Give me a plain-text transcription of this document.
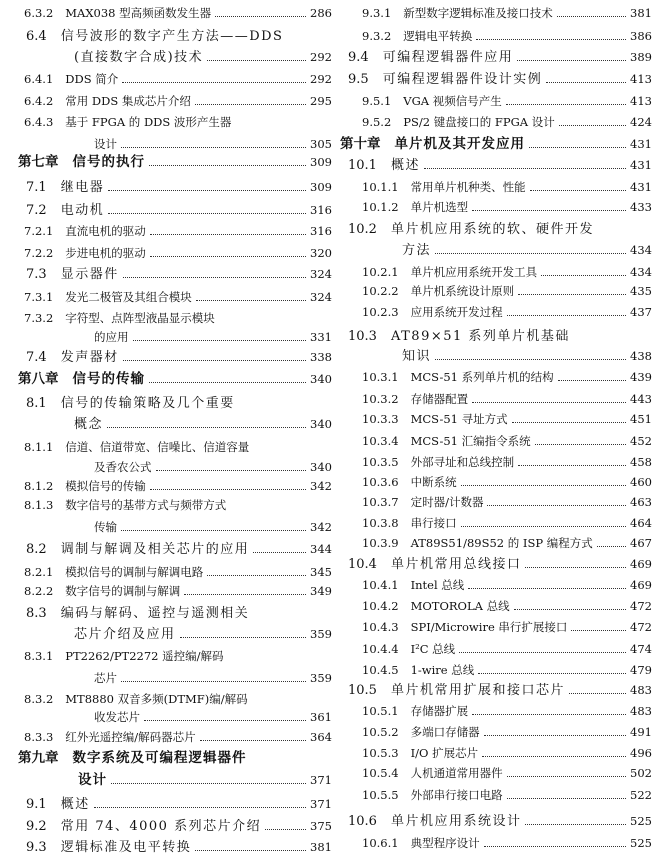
6.3.2 MAX038 型高频函数发生器	286
6.4 信号波形的数字产生方法——DDS
(直接数字合成)技术	292
6.4.1 DDS 简介	292
6.4.2 常用 DDS 集成芯片介绍	295
6.4.3 基于 FPGA 的 DDS 波形产生器
设计	305
第七章 信号的执行	309
7.1 继电器	309
7.2 电动机	316
7.2.1 直流电机的驱动	316
7.2.2 步进电机的驱动	320
7.3 显示器件	324
7.3.1 发光二极管及其组合模块	324
7.3.2 字符型、点阵型液晶显示模块
的应用	331
7.4 发声器材	338
第八章 信号的传输	340
8.1 信号的传输策略及几个重要
概念	340
8.1.1 信道、信道带宽、信噪比、信道容量
及香农公式	340
8.1.2 模拟信号的传输	342
8.1.3 数字信号的基带方式与频带方式
传输	342
8.2 调制与解调及相关芯片的应用	344
8.2.1 模拟信号的调制与解调电路	345
8.2.2 数字信号的调制与解调	349
8.3 编码与解码、遥控与遥测相关
芯片介绍及应用	359
8.3.1 PT2262/PT2272 遥控编/解码
芯片	359
8.3.2 MT8880 双音多频(DTMF)编/解码
收发芯片	361
8.3.3 红外光遥控编/解码器芯片	364
第九章 数字系统及可编程逻辑器件
设计	371
9.1 概述	371
9.2 常用 74、4000 系列芯片介绍	375
9.3 逻辑标准及电平转换	381
9.3.1 新型数字逻辑标准及接口技术	381
9.3.2 逻辑电平转换	386
9.4 可编程逻辑器件应用	389
9.5 可编程逻辑器件设计实例	413
9.5.1 VGA 视频信号产生	413
9.5.2 PS/2 键盘接口的 FPGA 设计	424
第十章 单片机及其开发应用	431
10.1 概述	431
10.1.1 常用单片机种类、性能	431
10.1.2 单片机选型	433
10.2 单片机应用系统的软、硬件开发
方法	434
10.2.1 单片机应用系统开发工具	434
10.2.2 单片机系统设计原则	435
10.2.3 应用系统开发过程	437
10.3 AT89×51 系列单片机基础
知识	438
10.3.1 MCS-51 系列单片机的结构	439
10.3.2 存储器配置	443
10.3.3 MCS-51 寻址方式	451
10.3.4 MCS-51 汇编指令系统	452
10.3.5 外部寻址和总线控制	458
10.3.6 中断系统	460
10.3.7 定时器/计数器	463
10.3.8 串行接口	464
10.3.9 AT89S51/89S52 的 ISP 编程方式	467
10.4 单片机常用总线接口	469
10.4.1 Intel 总线	469
10.4.2 MOTOROLA 总线	472
10.4.3 SPI/Microwire 串行扩展接口	472
10.4.4 I²C 总线	474
10.4.5 1-wire 总线	479
10.5 单片机常用扩展和接口芯片	483
10.5.1 存储器扩展	483
10.5.2 多端口存储器	491
10.5.3 I/O 扩展芯片	496
10.5.4 人机通道常用器件	502
10.5.5 外部串行接口电路	522
10.6 单片机应用系统设计	525
10.6.1 典型程序设计	525
